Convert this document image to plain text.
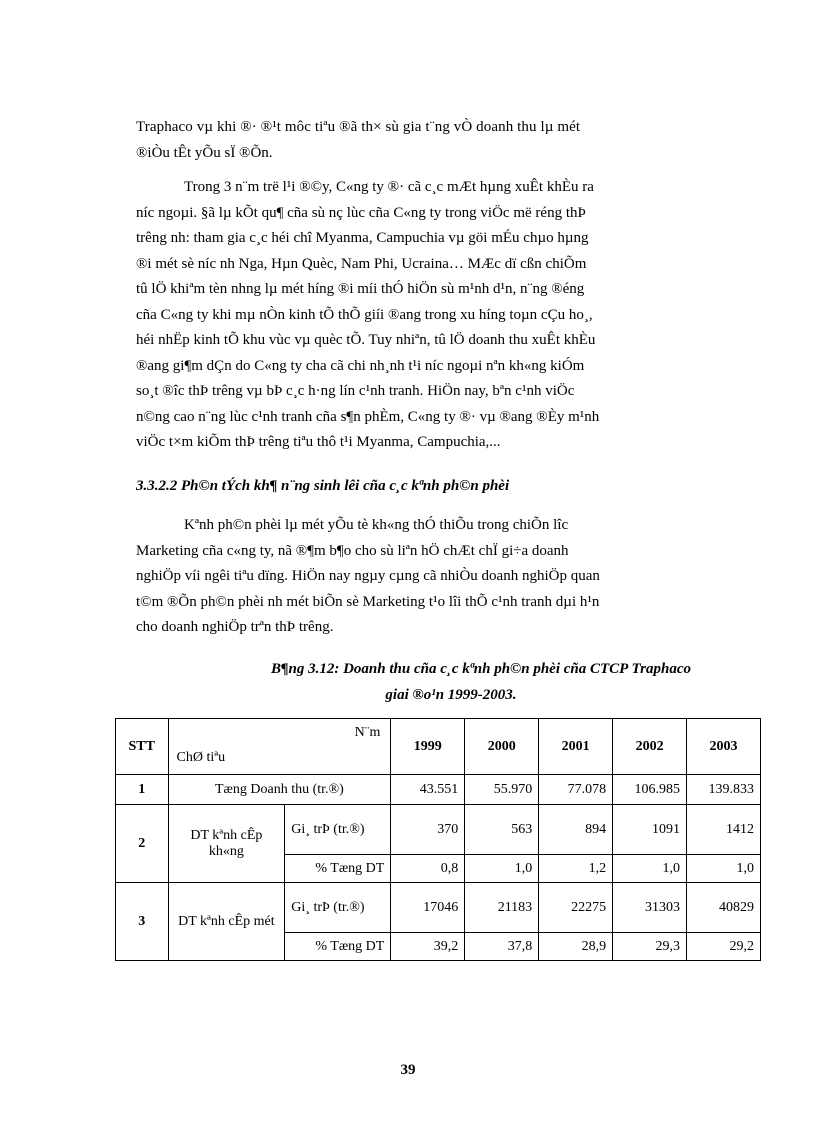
Traphaco vµ khi ®· ®¹t môc tiªu ®ã th× sù gia t¨ng vÒ doanh thu lµ mét
®iÒu tÊt yÕu sÏ ®Õn.

Trong 3 n¨m trë l¹i ®©y, C«ng ty ®· cã c¸c mÆt hµng xuÊt khÈu ra
níc ngoµi. §ã lµ kÕt qu¶ cña sù nç lùc cña C«ng ty trong viÖc më réng thÞ
trêng nh: tham gia c¸c héi chî Myanma, Campuchia vµ göi mÉu chµo hµng
®i mét sè níc nh Nga, Hµn Quèc, Nam Phi, Ucraina… MÆc dï cßn chiÕm
tû lÖ khiªm tèn nhng lµ mét híng ®i míi thÓ hiÖn sù m¹nh d¹n, n¨ng ®éng
cña C«ng ty khi mµ nÒn kinh tÕ thÕ giíi ®ang trong xu híng toµn cÇu ho¸,
héi nhËp kinh tÕ khu vùc vµ quèc tÕ. Tuy nhiªn, tû lÖ doanh thu xuÊt khÈu
®ang gi¶m dÇn do C«ng ty cha cã chi nh¸nh t¹i níc ngoµi nªn kh«ng kiÓm
so¸t ®îc thÞ trêng vµ bÞ c¸c h·ng lín c¹nh tranh. HiÖn nay, bªn c¹nh viÖc
n©ng cao n¨ng lùc c¹nh tranh cña s¶n phÈm, C«ng ty ®· vµ ®ang ®Èy m¹nh
viÖc t×m kiÕm thÞ trêng tiªu thô t¹i Myanma, Campuchia,...

3.3.2.2 Ph©n tÝch kh¶ n¨ng sinh lêi cña c¸c kªnh ph©n phèi

Kªnh ph©n phèi lµ mét yÕu tè kh«ng thÓ thiÕu trong chiÕn lîc
Marketing cña c«ng ty, nã ®¶m b¶o cho sù liªn hÖ chÆt chÏ gi÷a doanh
nghiÖp víi ngêi tiªu dïng. HiÖn nay ngµy cµng cã nhiÒu doanh nghiÖp quan
t©m ®Õn ph©n phèi nh mét biÕn sè Marketing t¹o lîi thÕ c¹nh tranh dµi h¹n
cho doanh nghiÖp trªn thÞ trêng.

B¶ng 3.12: Doanh thu cña c¸c kªnh ph©n phèi cña CTCP Traphaco
giai ®o¹n 1999-2003.

STT	N¨m
ChØ tiªu		1999	2000	2001	2002	2003
1	Tæng Doanh thu (tr.®)		43.551	55.970	77.078	106.985	139.833
2	DT kªnh cÊp kh«ng	Gi¸ trÞ (tr.®)	370	563	894	1091	1412
		% Tæng DT	0,8	1,0	1,2	1,0	1,0
3	DT kªnh cÊp mét	Gi¸ trÞ (tr.®)	17046	21183	22275	31303	40829
		% Tæng DT	39,2	37,8	28,9	29,3	29,2
39
